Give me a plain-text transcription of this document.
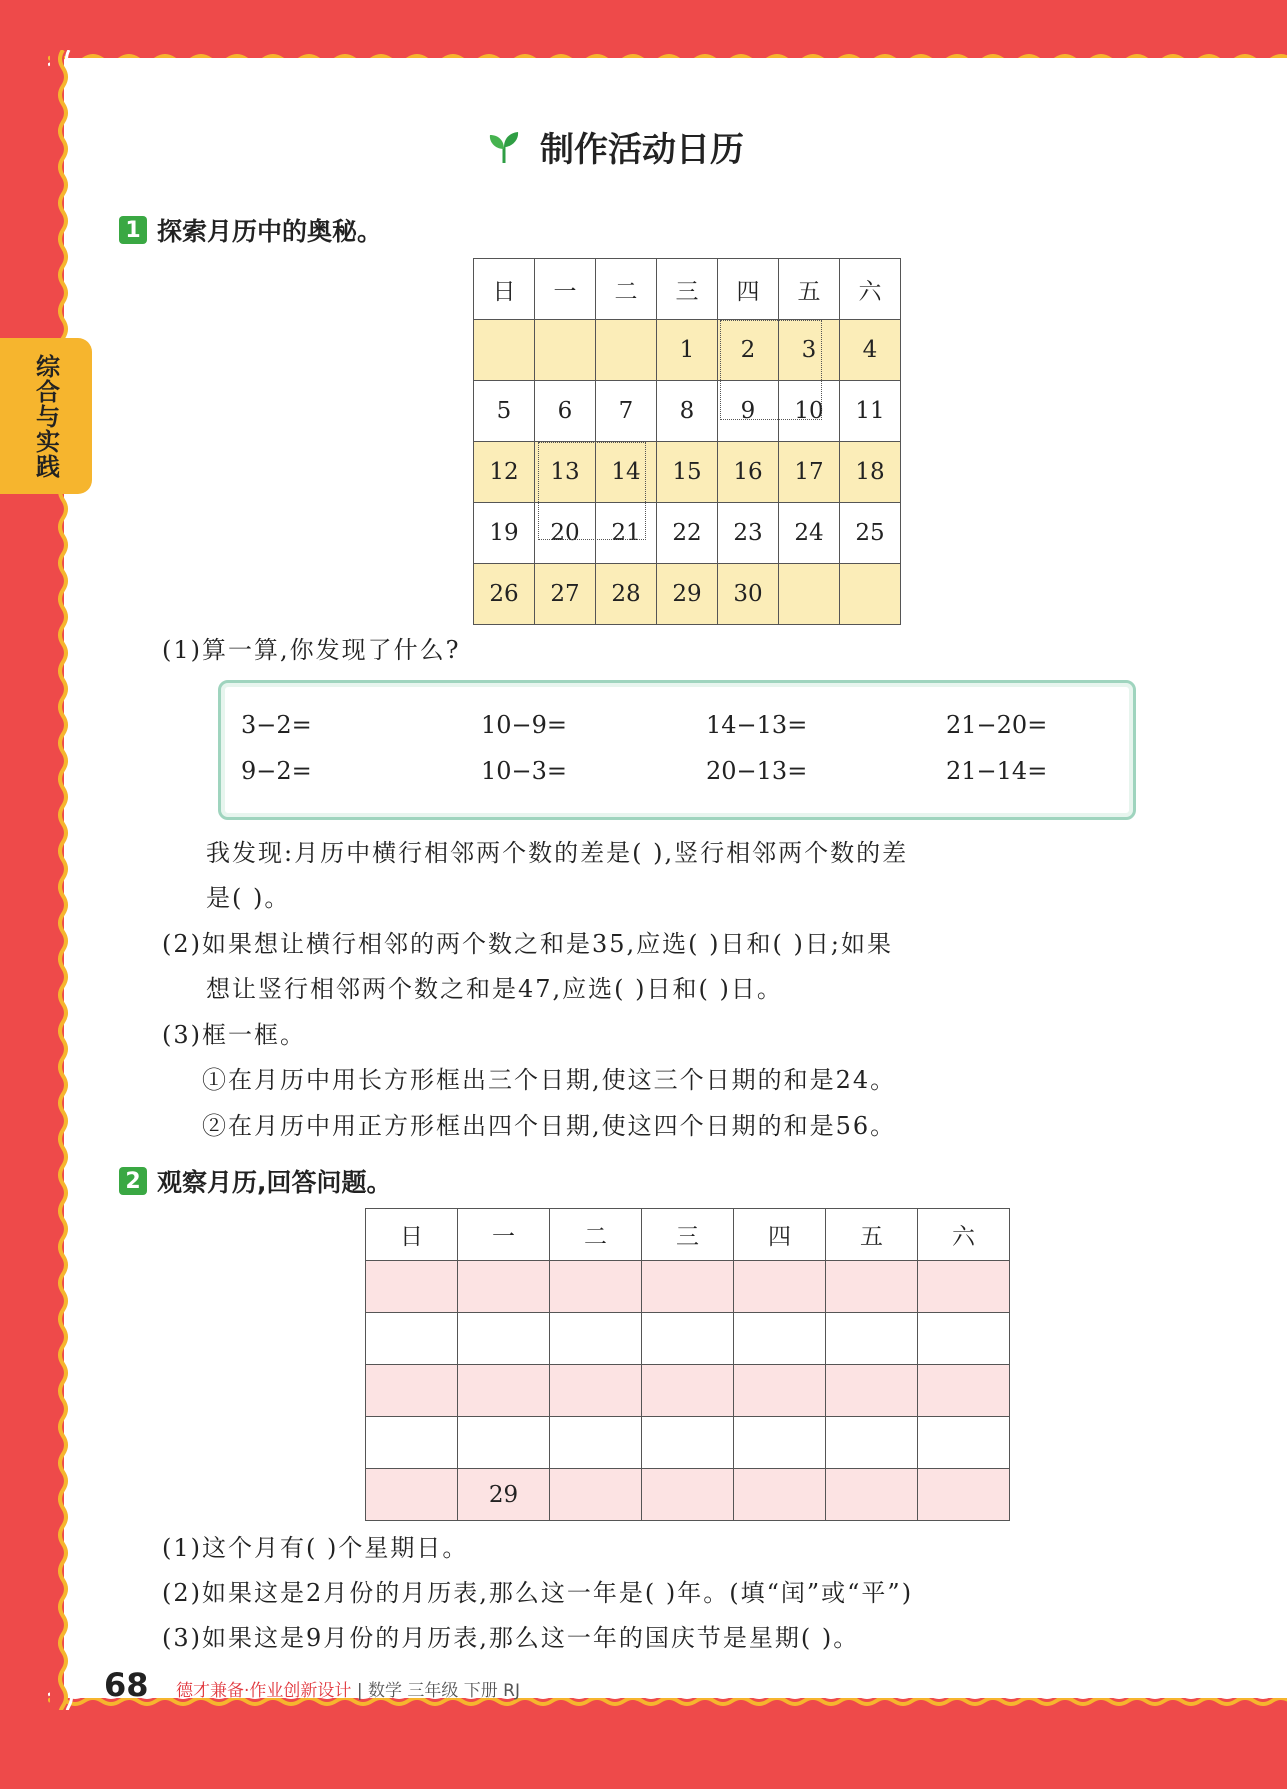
综合与实践
制作活动日历
1 探索月历中的奥秘。
日	一	二	三	四	五	六
			1	2	3	4
5	6	7	8	9	10	11
12	13	14	15	16	17	18
19	20	21	22	23	24	25
26	27	28	29	30		
(1)算一算,你发现了什么?
3−2=	10−9=	14−13=	21−20=
9−2=	10−3=	20−13=	21−14=
我发现:月历中横行相邻两个数的差是( ),竖行相邻两个数的差
是( )。
(2)如果想让横行相邻的两个数之和是35,应选( )日和( )日;如果
想让竖行相邻两个数之和是47,应选( )日和( )日。
(3)框一框。
①在月历中用长方形框出三个日期,使这三个日期的和是24。
②在月历中用正方形框出四个日期,使这四个日期的和是56。
2 观察月历,回答问题。
日	一	二	三	四	五	六

	29					
(1)这个月有( )个星期日。
(2)如果这是2月份的月历表,那么这一年是( )年。(填“闰”或“平”)
(3)如果这是9月份的月历表,那么这一年的国庆节是星期( )。
68 德才兼备·作业创新设计 | 数学 三年级 下册 RJ
